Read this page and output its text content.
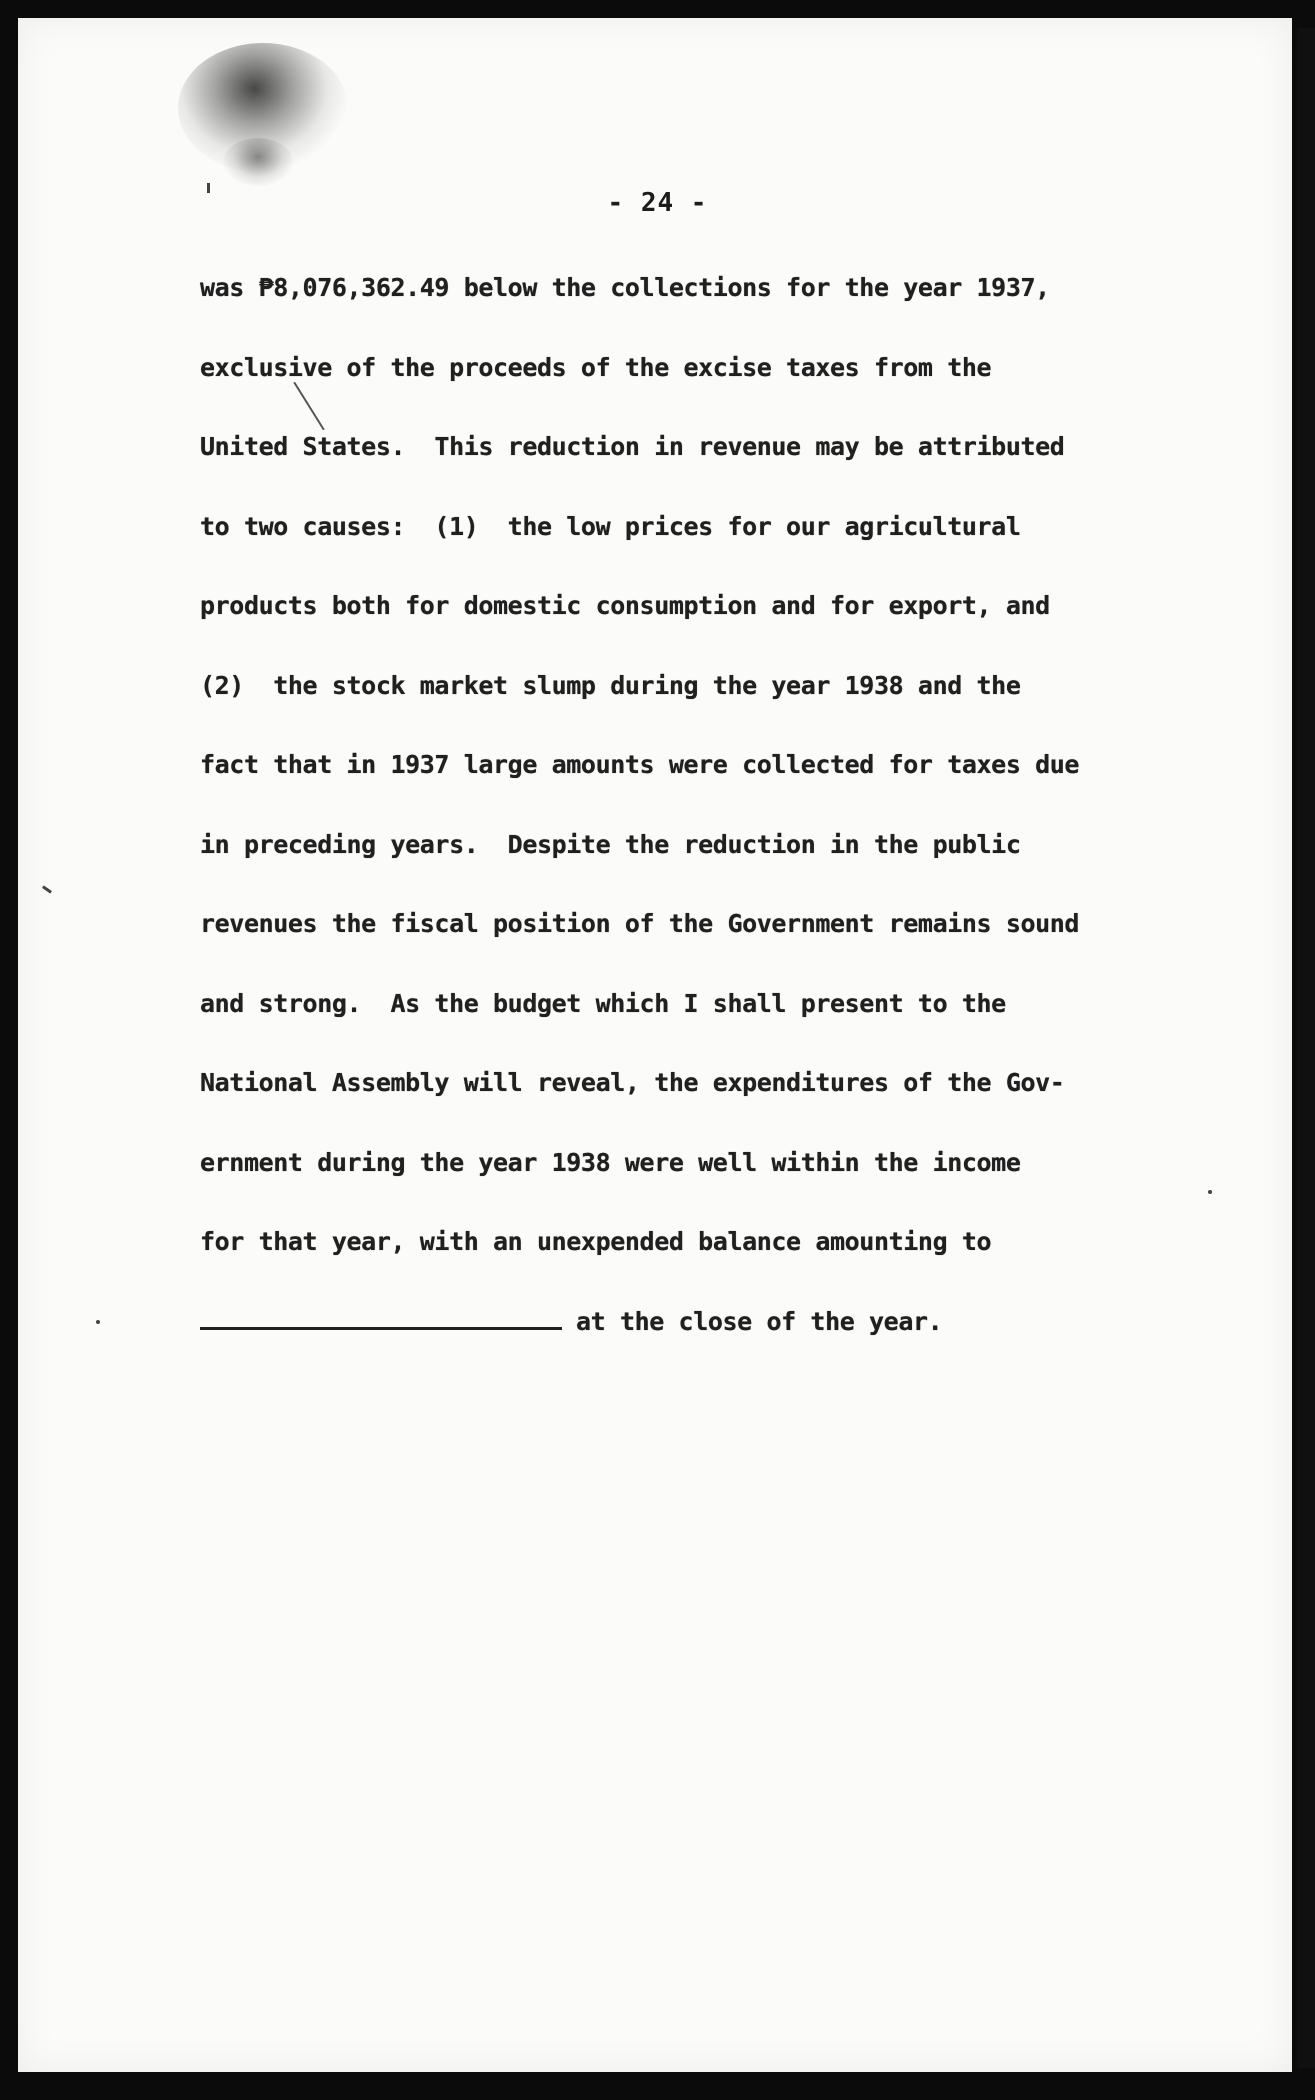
- 24 -
was ₱8,076,362.49 below the collections for the year 1937,
exclusive of the proceeds of the excise taxes from the
United States.  This reduction in revenue may be attributed
to two causes:  (1)  the low prices for our agricultural
products both for domestic consumption and for export, and
(2)  the stock market slump during the year 1938 and the
fact that in 1937 large amounts were collected for taxes due
in preceding years.  Despite the reduction in the public
revenues the fiscal position of the Government remains sound
and strong.  As the budget which I shall present to the
National Assembly will reveal, the expenditures of the Gov-
ernment during the year 1938 were well within the income
for that year, with an unexpended balance amounting to
at the close of the year.
